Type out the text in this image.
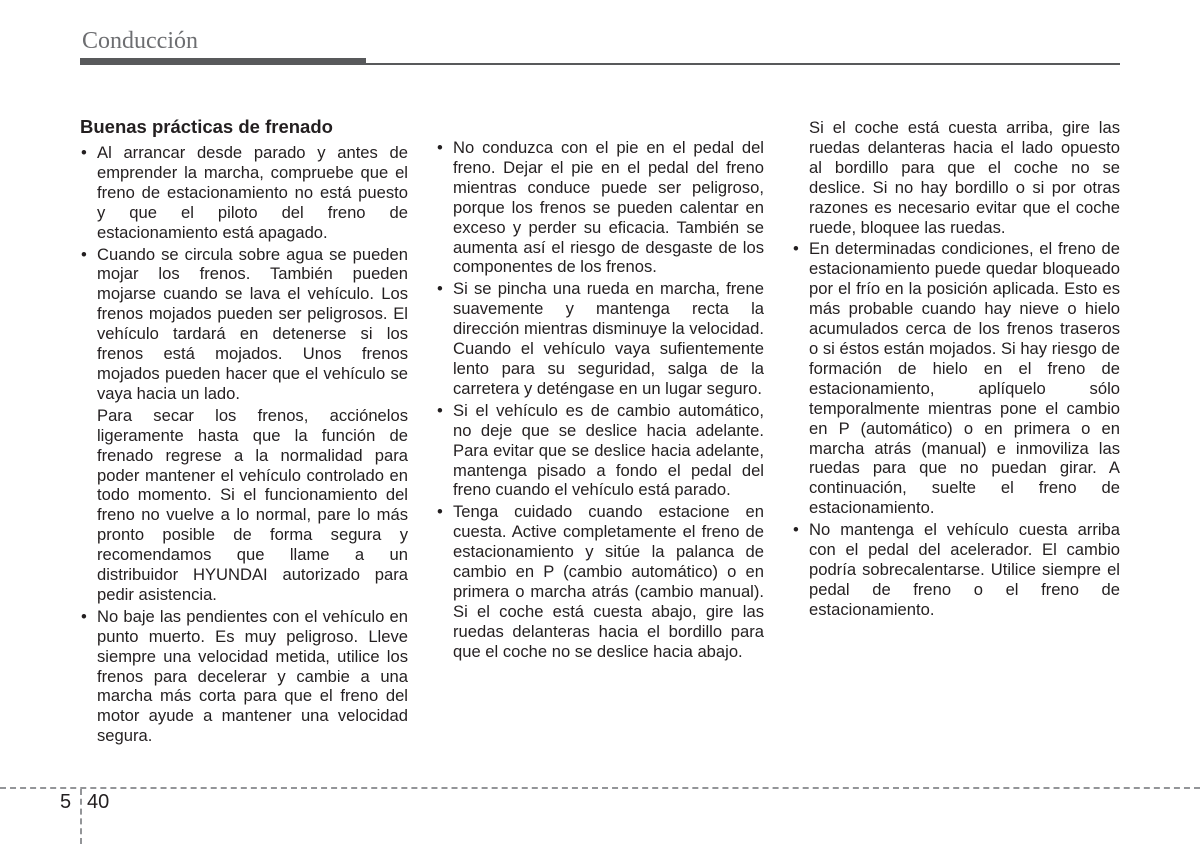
Conducción
Buenas prácticas de frenado
• Al arrancar desde parado y antes de emprender la marcha, compruebe que el freno de estacionamiento no está puesto y que el piloto del freno de estacionamiento está apagado.
• Cuando se circula sobre agua se pueden mojar los frenos. También pueden mojarse cuando se lava el vehículo. Los frenos mojados pueden ser peligrosos. El vehículo tardará en detenerse si los frenos está mojados. Unos frenos mojados pueden hacer que el vehículo se vaya hacia un lado.
Para secar los frenos, acciónelos ligeramente hasta que la función de frenado regrese a la normalidad para poder mantener el vehículo controlado en todo momento. Si el funcionamiento del freno no vuelve a lo normal, pare lo más pronto posible de forma segura y recomendamos que llame a un distribuidor HYUNDAI autorizado para pedir asistencia.
• No baje las pendientes con el vehículo en punto muerto. Es muy peligroso. Lleve siempre una velocidad metida, utilice los frenos para decelerar y cambie a una marcha más corta para que el freno del motor ayude a mantener una velocidad segura.
• No conduzca con el pie en el pedal del freno. Dejar el pie en el pedal del freno mientras conduce puede ser peligroso, porque los frenos se pueden calentar en exceso y perder su eficacia. También se aumenta así el riesgo de desgaste de los componentes de los frenos.
• Si se pincha una rueda en marcha, frene suavemente y mantenga recta la dirección mientras disminuye la velocidad. Cuando el vehículo vaya sufientemente lento para su seguridad, salga de la carretera y deténgase en un lugar seguro.
• Si el vehículo es de cambio automático, no deje que se deslice hacia adelante. Para evitar que se deslice hacia adelante, mantenga pisado a fondo el pedal del freno cuando el vehículo está parado.
• Tenga cuidado cuando estacione en cuesta. Active completamente el freno de estacionamiento y sitúe la palanca de cambio en P (cambio automático) o en primera o marcha atrás (cambio manual). Si el coche está cuesta abajo, gire las ruedas delanteras hacia el bordillo para que el coche no se deslice hacia abajo.
Si el coche está cuesta arriba, gire las ruedas delanteras hacia el lado opuesto al bordillo para que el coche no se deslice. Si no hay bordillo o si por otras razones es necesario evitar que el coche ruede, bloquee las ruedas.
• En determinadas condiciones, el freno de estacionamiento puede quedar bloqueado por el frío en la posición aplicada. Esto es más probable cuando hay nieve o hielo acumulados cerca de los frenos traseros o si éstos están mojados. Si hay riesgo de formación de hielo en el freno de estacionamiento, aplíquelo sólo temporalmente mientras pone el cambio en P (automático) o en primera o en marcha atrás (manual) e inmoviliza las ruedas para que no puedan girar. A continuación, suelte el freno de estacionamiento.
• No mantenga el vehículo cuesta arriba con el pedal del acelerador. El cambio podría sobrecalentarse. Utilice siempre el pedal de freno o el freno de estacionamiento.
5 40
